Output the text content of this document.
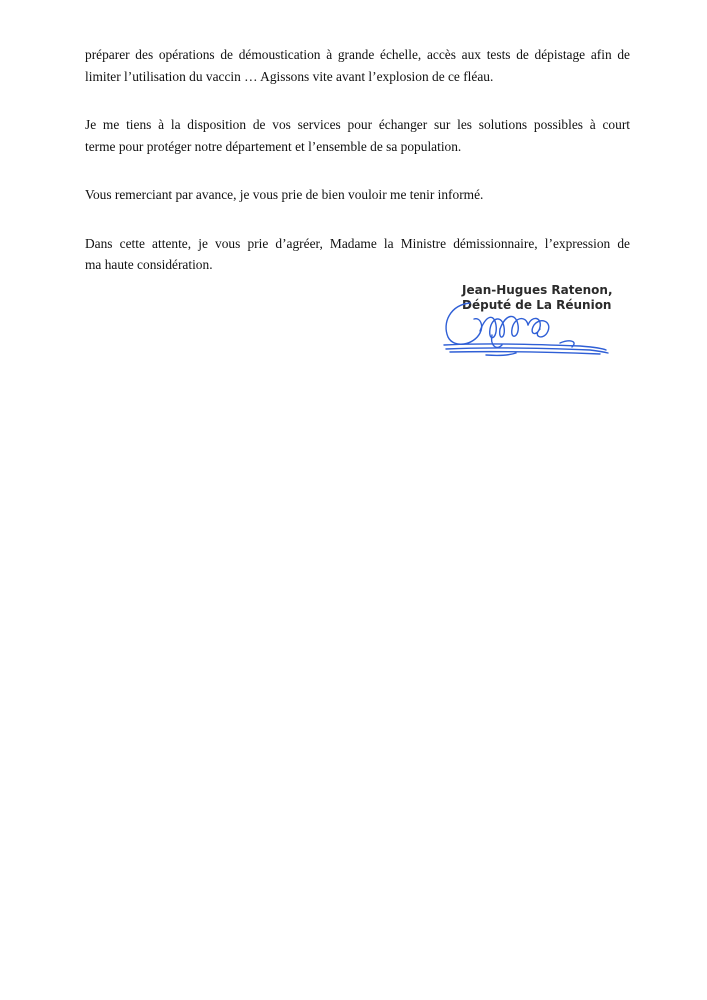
préparer des opérations de démoustication à grande échelle, accès aux tests de dépistage afin de
limiter l’utilisation du vaccin … Agissons vite avant l’explosion de ce fléau.

Je me tiens à la disposition de vos services pour échanger sur les solutions possibles à court
terme pour protéger notre département et l’ensemble de sa population.

Vous remerciant par avance, je vous prie de bien vouloir me tenir informé.

Dans cette attente, je vous prie d’agréer, Madame la Ministre démissionnaire, l’expression de
ma haute considération.

Jean-Hugues Ratenon,
Député de La Réunion
